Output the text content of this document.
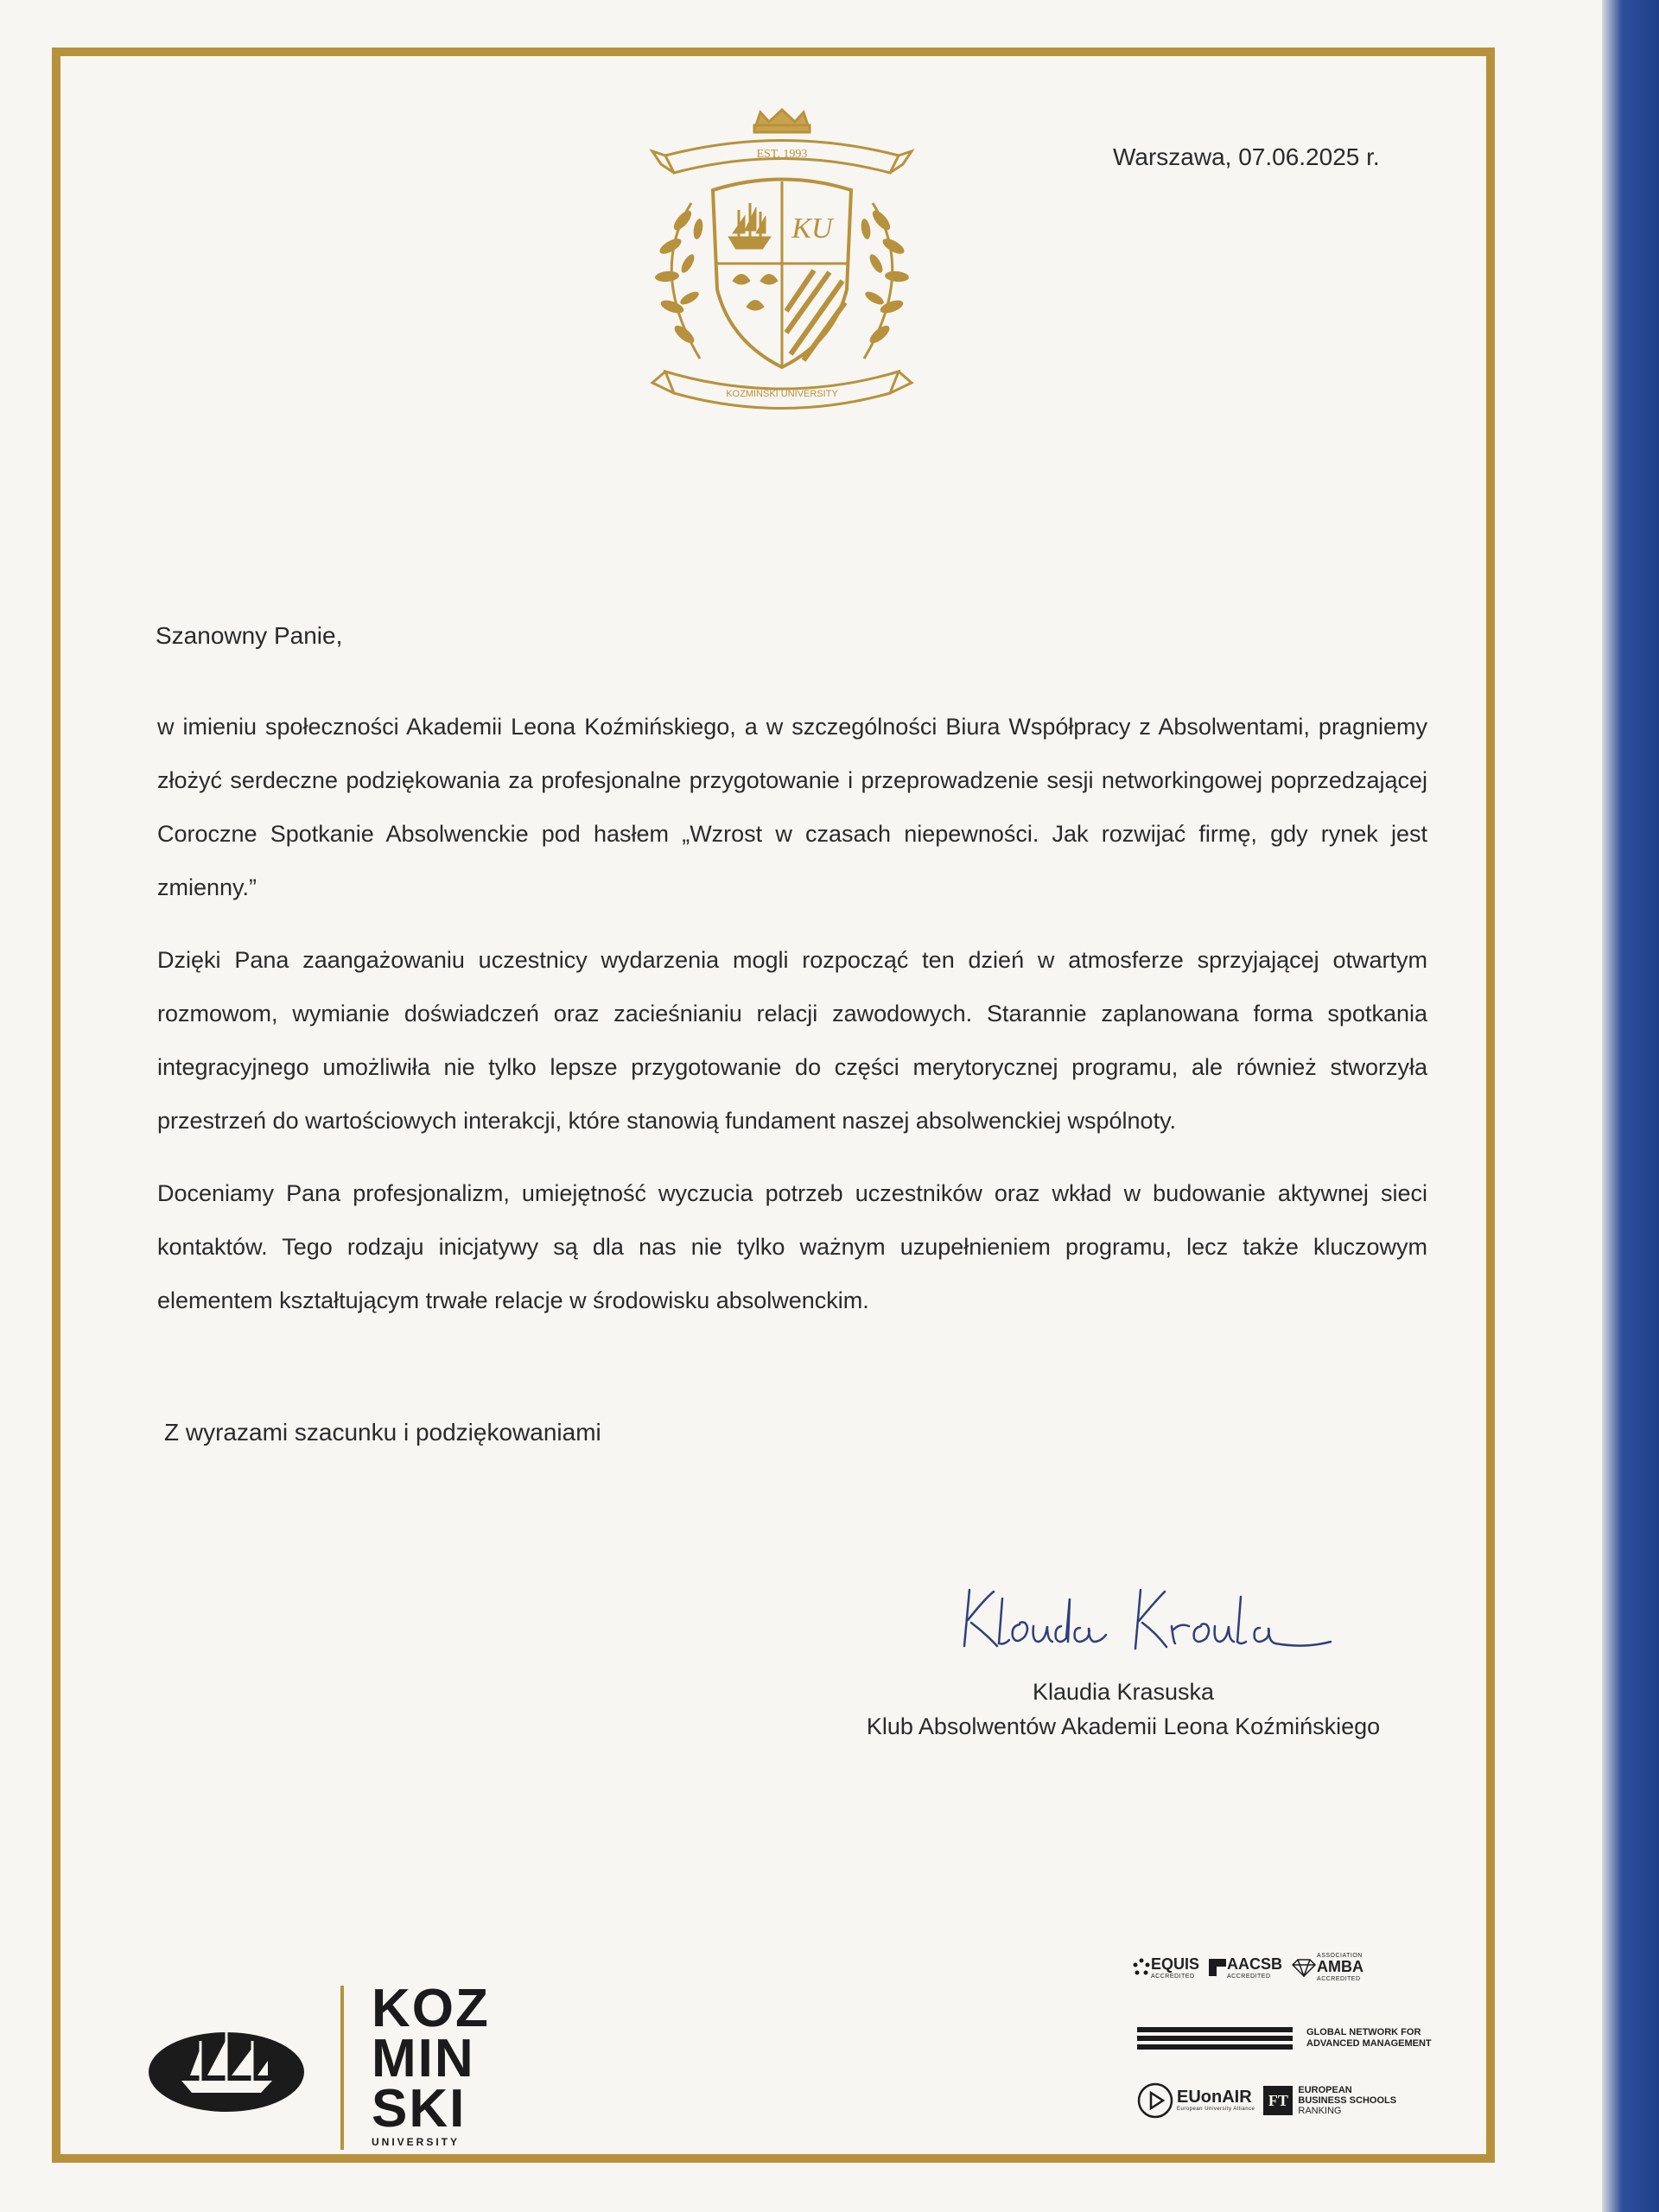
EST. 1993
KU
KOZMINSKI UNIVERSITY
Warszawa, 07.06.2025 r.
Szanowny Panie,

w imieniu społeczności Akademii Leona Koźmińskiego, a w szczególności Biura Współpracy z Absolwentami, pragniemy złożyć serdeczne podziękowania za profesjonalne przygotowanie i przeprowadzenie sesji networkingowej poprzedzającej Coroczne Spotkanie Absolwenckie pod hasłem „Wzrost w czasach niepewności. Jak rozwijać firmę, gdy rynek jest zmienny.”

Dzięki Pana zaangażowaniu uczestnicy wydarzenia mogli rozpocząć ten dzień w atmosferze sprzyjającej otwartym rozmowom, wymianie doświadczeń oraz zacieśnianiu relacji zawodowych. Starannie zaplanowana forma spotkania integracyjnego umożliwiła nie tylko lepsze przygotowanie do części merytorycznej programu, ale również stworzyła przestrzeń do wartościowych interakcji, które stanowią fundament naszej absolwenckiej wspólnoty.

Doceniamy Pana profesjonalizm, umiejętność wyczucia potrzeb uczestników oraz wkład w budowanie aktywnej sieci kontaktów. Tego rodzaju inicjatywy są dla nas nie tylko ważnym uzupełnieniem programu, lecz także kluczowym elementem kształtującym trwałe relacje w środowisku absolwenckim.

Z wyrazami szacunku i podziękowaniami
Klaudia Krasuska
Klub Absolwentów Akademii Leona Koźmińskiego
KOZ
MIN
SKI
UNIVERSITY
EQUIS
ACCREDITED
AACSB
ACCREDITED
ASSOCIATION
AMBA
ACCREDITED
GLOBAL NETWORK FOR
ADVANCED MANAGEMENT
EUonAIR
European University Alliance
FT
EUROPEAN
BUSINESS SCHOOLS
RANKING
